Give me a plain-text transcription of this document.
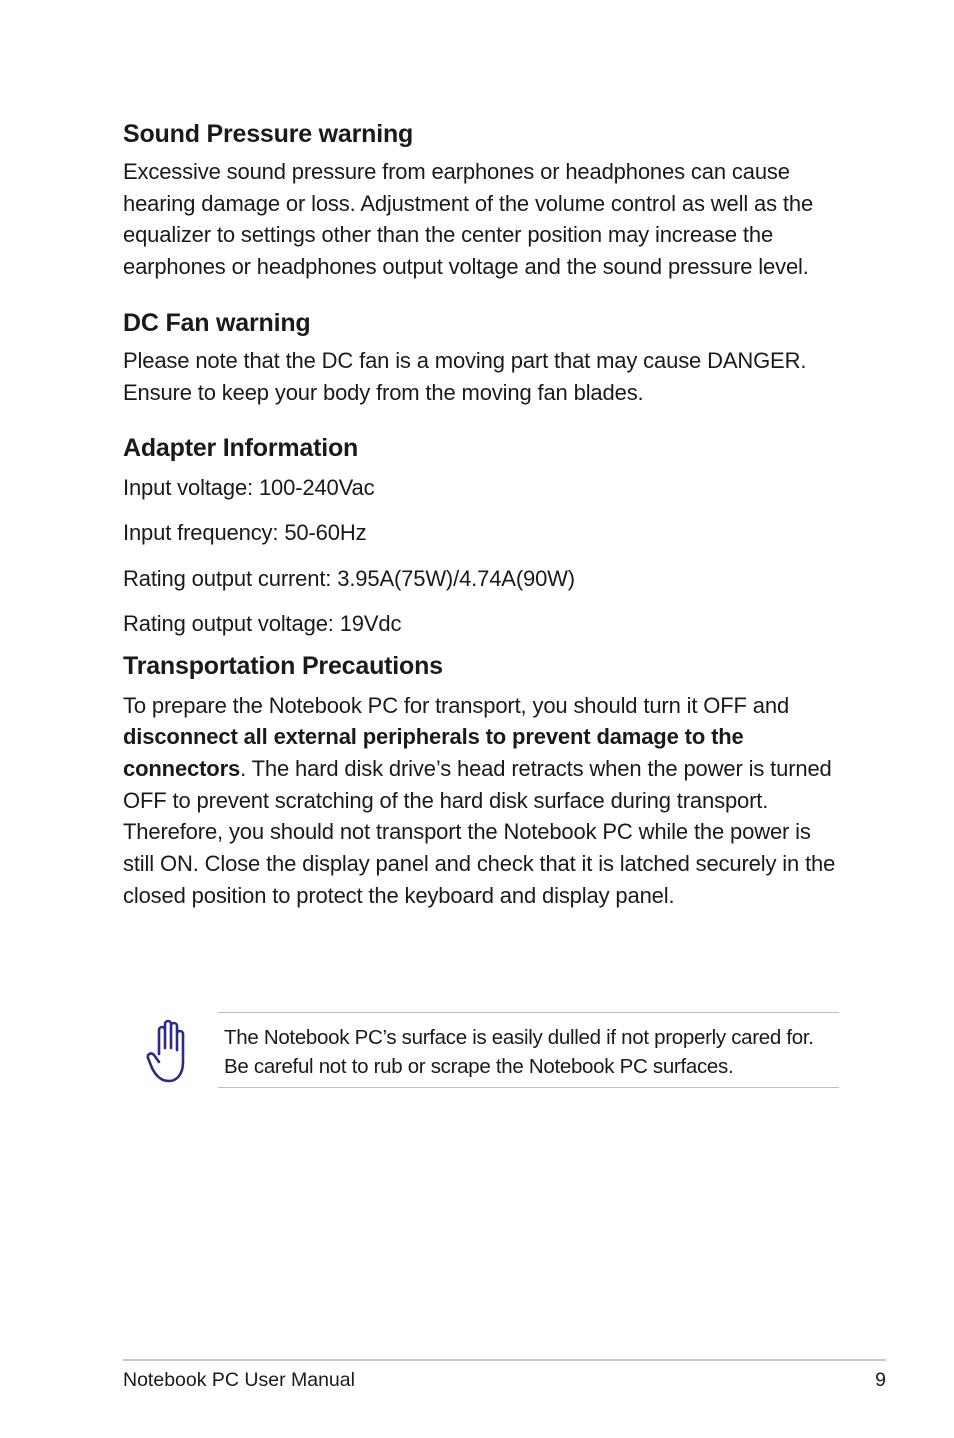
Sound Pressure warning

Excessive sound pressure from earphones or headphones can cause hearing damage or loss. Adjustment of the volume control as well as the equalizer to settings other than the center position may increase the earphones or headphones output voltage and the sound pressure level.

DC Fan warning

Please note that the DC fan is a moving part that may cause DANGER. Ensure to keep your body from the moving fan blades.

Adapter Information

Input voltage: 100-240Vac

Input frequency: 50-60Hz

Rating output current: 3.95A(75W)/4.74A(90W)

Rating output voltage: 19Vdc

Transportation Precautions

To prepare the Notebook PC for transport, you should turn it OFF and disconnect all external peripherals to prevent damage to the connectors. The hard disk drive’s head retracts when the power is turned OFF to prevent scratching of the hard disk surface during transport. Therefore, you should not transport the Notebook PC while the power is still ON. Close the display panel and check that it is latched securely in the closed position to protect the keyboard and display panel.

The Notebook PC’s surface is easily dulled if not properly cared for.
Be careful not to rub or scrape the Notebook PC surfaces.

Notebook PC User Manual	9
